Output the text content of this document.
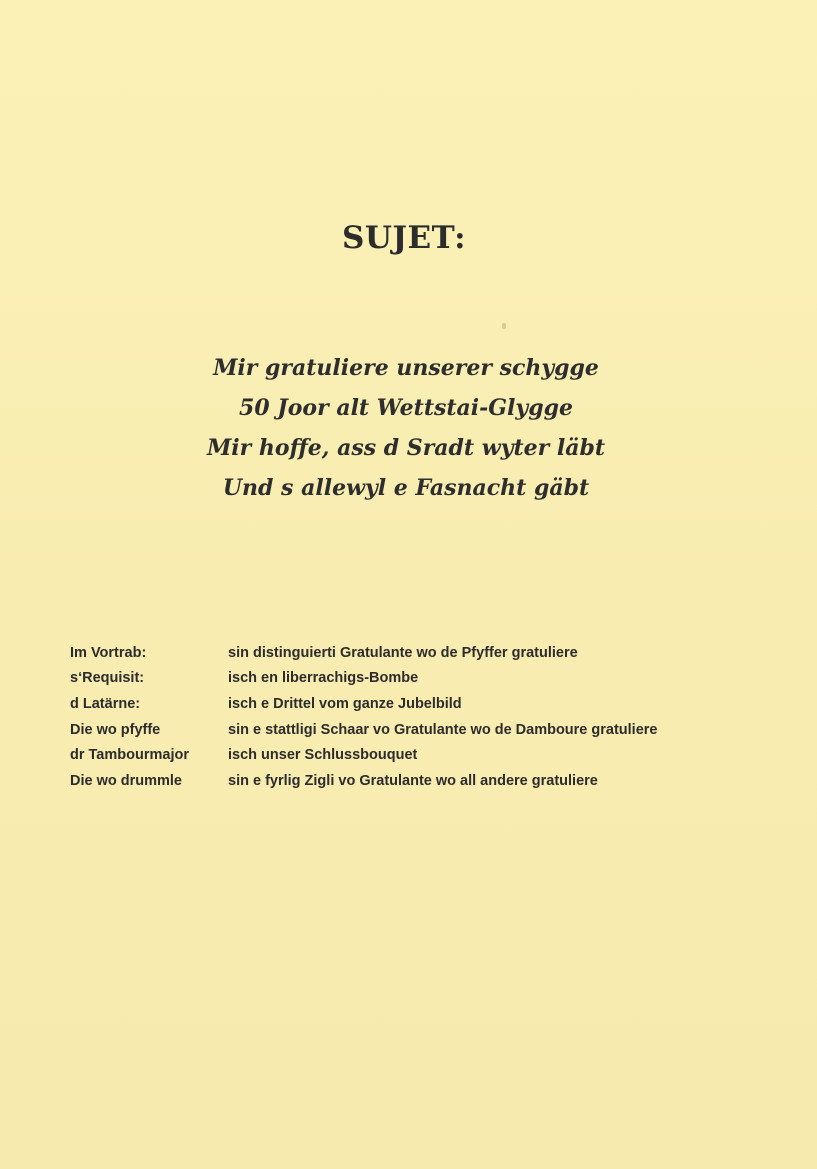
SUJET:
Mir gratuliere unserer schygge
50 Joor alt Wettstai-Glygge
Mir hoffe, ass d Sradt wyter läbt
Und s allewyl e Fasnacht gäbt
Im Vortrab:	sin distinguierti Gratulante wo de Pfyffer gratuliere
s‘Requisit:	isch en liberrachigs-Bombe
d Latärne:	isch e Drittel vom ganze Jubelbild
Die wo pfyffe	sin e stattligi Schaar vo Gratulante wo de Damboure gratuliere
dr Tambourmajor	isch unser Schlussbouquet
Die wo drummle	sin e fyrlig Zigli vo Gratulante wo all andere gratuliere
